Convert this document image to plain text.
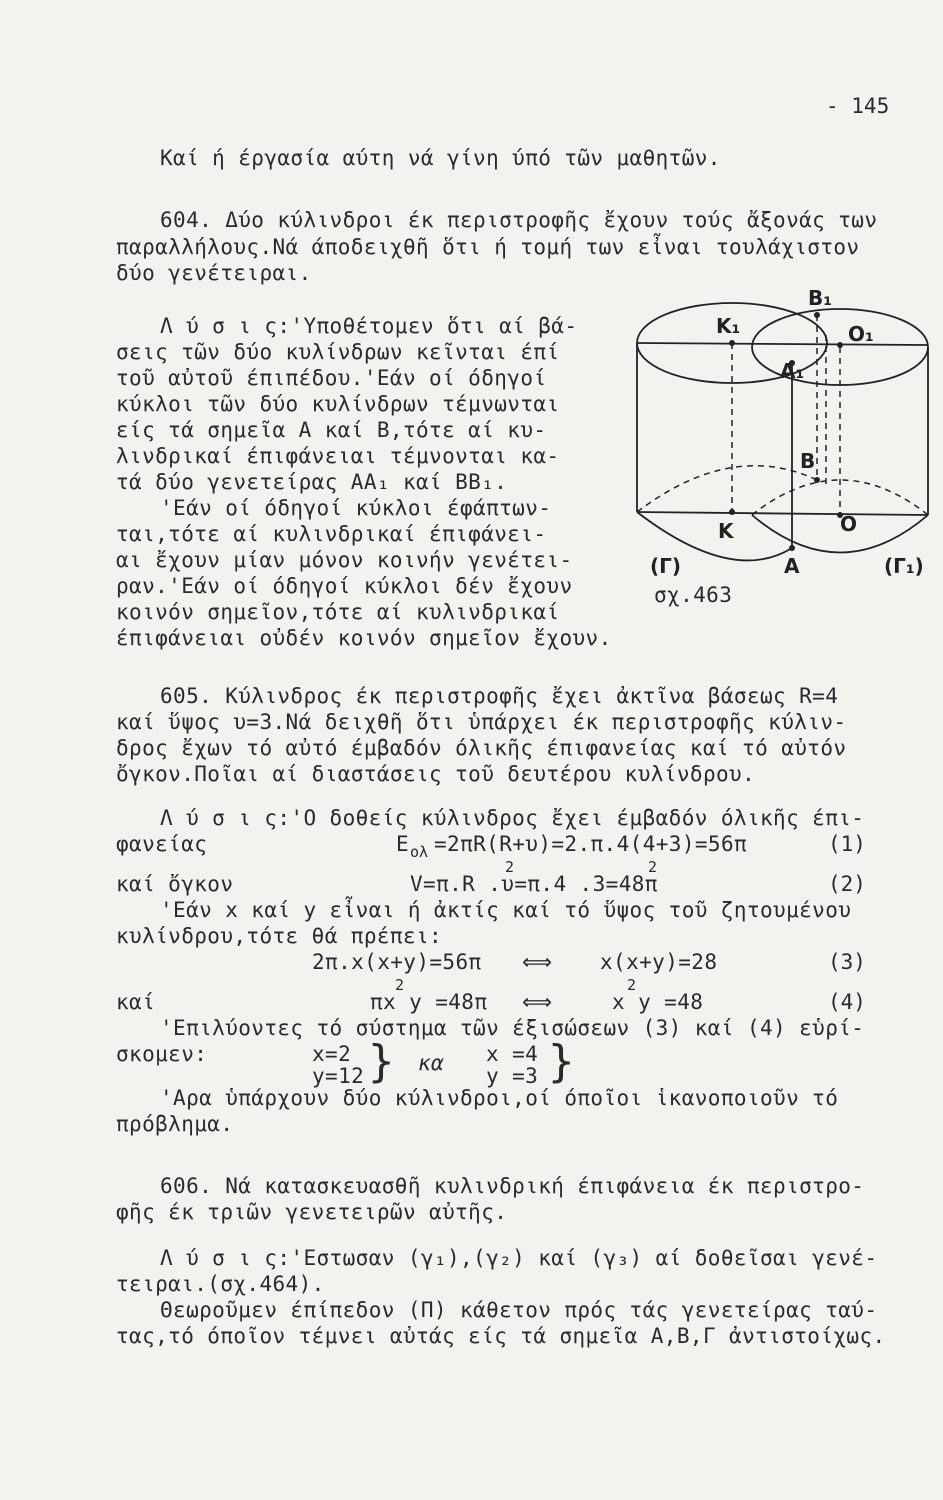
- 145
Καί ή έργασία αύτη νά γίνη ύπό τῶν μαθητῶν.
604. Δύο κύλινδροι έκ περιστροφῆς ἔχουν τούς ἄξονάς των
παραλλήλους.Νά άποδειχθῆ ὅτι ή τομή των εἶναι τουλάχιστον
δύο γενέτειραι.
Λ ύ σ ι ς:'Υποθέτομεν ὅτι αί βά-
σεις τῶν δύο κυλίνδρων κεῖνται έπί
τοῦ αὐτοῦ έπιπέδου.'Εάν οί όδηγοί
κύκλοι τῶν δύο κυλίνδρων τέμνωνται
είς τά σημεῖα Α καί Β,τότε αί κυ-
λινδρικαί έπιφάνειαι τέμνονται κα-
τά δύο γενετείρας ΑΑ₁ καί ΒΒ₁.
'Εάν οί όδηγοί κύκλοι έφάπτων-
ται,τότε αί κυλινδρικαί έπιφάνει-
αι ἔχουν μίαν μόνον κοινήν γενέτει-
ραν.'Εάν οί όδηγοί κύκλοι δέν ἔχουν
κοινόν σημεῖον,τότε αί κυλινδρικαί
έπιφάνειαι οὐδέν κοινόν σημεῖον ἔχουν.
B₁
K₁	O₁
A₁
B
K	O
A
(Γ)	(Γ₁)
σχ.463
605. Κύλινδρος έκ περιστροφῆς ἔχει ἀκτῖνα βάσεως R=4
καί ὕψος υ=3.Νά δειχθῆ ὅτι ὑπάρχει έκ περιστροφῆς κύλιν-
δρος ἔχων τό αὐτό έμβαδόν όλικῆς έπιφανείας καί τό αὐτόν
ὄγκον.Ποῖαι αί διαστάσεις τοῦ δευτέρου κυλίνδρου.
Λ ύ σ ι ς:'Ο δοθείς κύλινδρος ἔχει έμβαδόν όλικῆς έπι-
φανείας	E ολ =2πR(R+υ)=2.π.4(4+3)=56π	(1)
καί ὄγκον	V=π.R .υ=π.4 .3=48π
2	2
(2)
'Εάν x καί y εἶναι ή ἀκτίς καί τό ὕψος τοῦ ζητουμένου
κυλίνδρου,τότε θά πρέπει:
2π.x(x+y)=56π ⟺ x(x+y)=28	(3)
καί	πx y =48π
2
⟺	x y =48
2
(4)
'Επιλύοντες τό σύστημα τῶν έξισώσεων (3) καί (4) εὑρί-
σκομεν:	x=2
y=12 } κα x =4
y =3 }
'Αρα ὑπάρχουν δύο κύλινδροι,οί όποῖοι ἱκανοποιοῦν τό
πρόβλημα.
606. Νά κατασκευασθῆ κυλινδρική έπιφάνεια έκ περιστρο-
φῆς έκ τριῶν γενετειρῶν αὐτῆς.
Λ ύ σ ι ς:'Εστωσαν (γ₁),(γ₂) καί (γ₃) αί δοθεῖσαι γενέ-
τειραι.(σχ.464).
Θεωροῦμεν έπίπεδον (Π) κάθετον πρός τάς γενετείρας ταύ-
τας,τό όποῖον τέμνει αὐτάς είς τά σημεῖα Α,Β,Γ ἀντιστοίχως.
